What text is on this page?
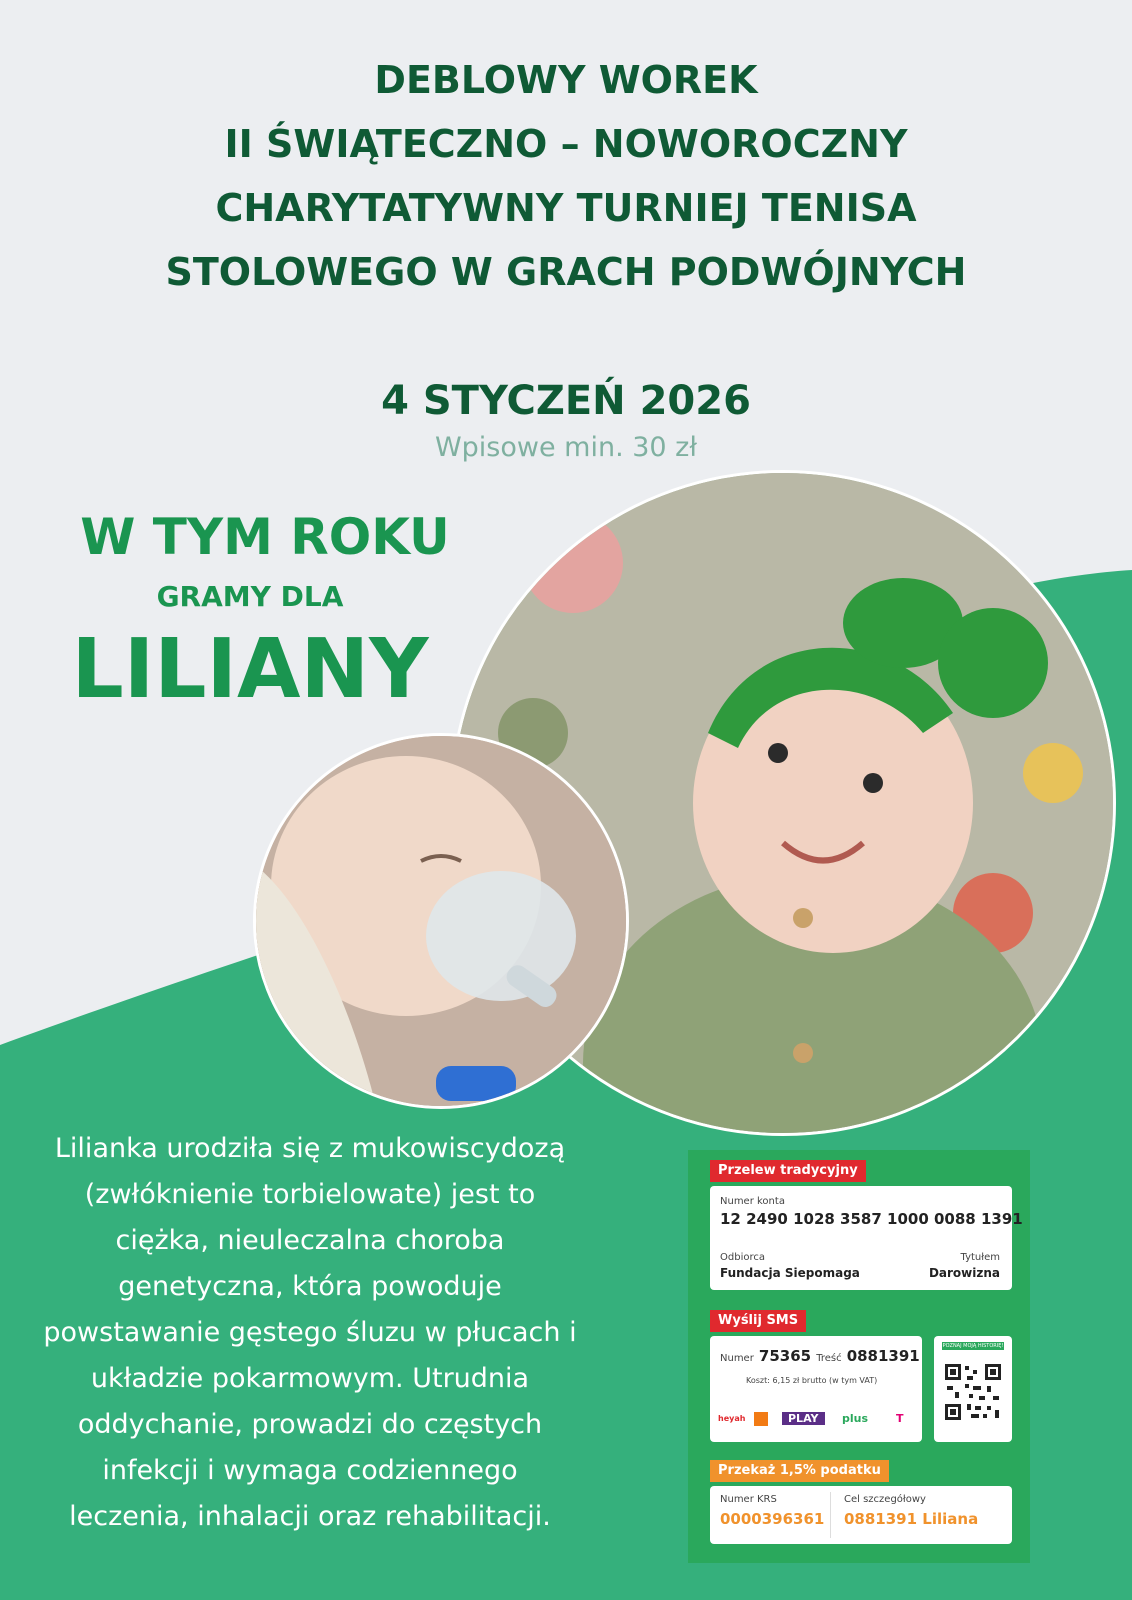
DEBLOWY WOREK
II ŚWIĄTECZNO – NOWOROCZNY
CHARYTATYWNY TURNIEJ TENISA
STOLOWEGO W GRACH PODWÓJNYCH
4 STYCZEŃ 2026
Wpisowe min. 30 zł
W TYM ROKU
GRAMY DLA
LILIANY
Lilianka urodziła się z mukowiscydozą
(zwłóknienie torbielowate) jest to
ciężka, nieuleczalna choroba
genetyczna, która powoduje
powstawanie gęstego śluzu w płucach i
układzie pokarmowym. Utrudnia
oddychanie, prowadzi do częstych
infekcji i wymaga codziennego
leczenia, inhalacji oraz rehabilitacji.
Przelew tradycyjny
Numer konta
12 2490 1028 3587 1000 0088 1391
Odbiorca
Fundacja Siepomaga
Tytułem
Darowizna
Wyślij SMS
Numer 75365 Treść 0881391
Koszt: 6,15 zł brutto (w tym VAT)
heyah	PLAY	plus	T
POZNAJ MOJĄ HISTORIĘ!
Przekaż 1,5% podatku
Numer KRS
0000396361
Cel szczegółowy
0881391 Liliana
